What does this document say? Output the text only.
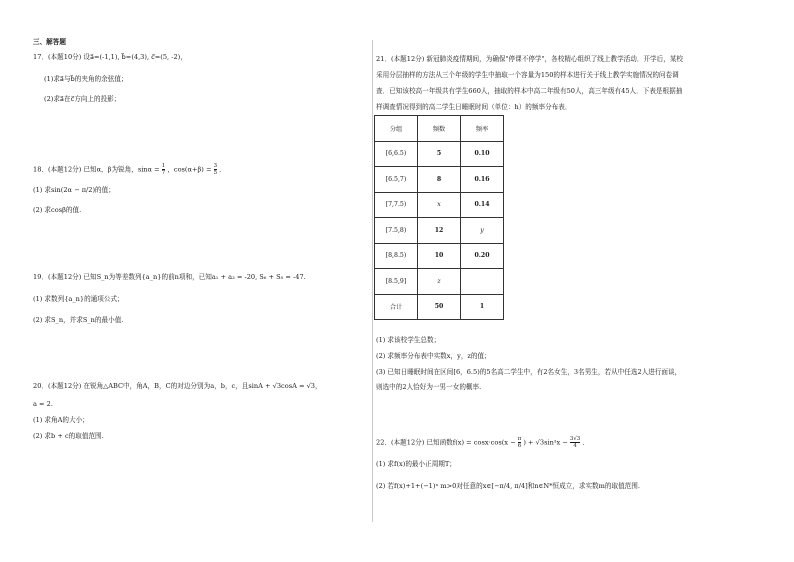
三、解答题
17．(本题10分) 设a⃗=(-1,1), b⃗=(4,3), c⃗=(5, -2)，
(1)求a⃗与b⃗的夹角的余弦值；
(2)求a⃗在c⃗方向上的投影；
18．(本题12分) 已知α，β为锐角，$\sin\alpha = \frac{1}{7}$ ，$\cos(\alpha+\beta) = \frac{3}{5}$ ．
(1) 求sin(2α − π/2)的值；
(2) 求cosβ的值.
19．(本题12分) 已知S_n为等差数列{a_n}的前n项和，已知a₁ + a₃ = -20, S₆ + S₅ = -47.
(1) 求数列{a_n}的通项公式；
(2) 求S_n，并求S_n的最小值.
20．(本题12分) 在锐角△ABC中，角A，B，C的对边分别为a，b，c，且sinA + √3cosA = √3，
a = 2.
(1) 求角A的大小；
(2) 求b + c的取值范围.
21．(本题12分) 新冠肺炎疫情期间，为确保"停课不停学"，各校精心组织了线上教学活动．开学后，某校
采用分层抽样的方法从三个年级的学生中抽取一个容量为150的样本进行关于线上教学实施情况的问卷调
查．已知该校高一年级共有学生660人，抽取的样本中高二年级有50人，高三年级有45人．下表是根据抽
样调查情况得到的高二学生日睡眠时间（单位：h）的频率分布表．
分组	频数	频率
[6,6.5)	5	0.10
[6.5,7)	8	0.16
[7,7.5)	x	0.14
[7.5,8)	12	y
[8,8.5)	10	0.20
[8.5,9]	z	
合计	50	1
(1) 求该校学生总数；
(2) 求频率分布表中实数x，y，z的值；
(3) 已知日睡眠时间在区间[6，6.5)的5名高二学生中，有2名女生，3名男生，若从中任选2人进行面谈，
则选中的2人恰好为一男一女的概率.
22．(本题12分) 已知函数$f(x) = \cos x\cdot\cos(x - \frac{\pi}{6}$ ) + $√3\sin^2x - \frac{3√3}{4}$ ．
(1) 求f(x)的最小正周期T；
(2) 若f(x)+1+(−1)ⁿ m>0对任意的x∈[−π/4, π/4]和n∈N*恒成立，求实数m的取值范围.
